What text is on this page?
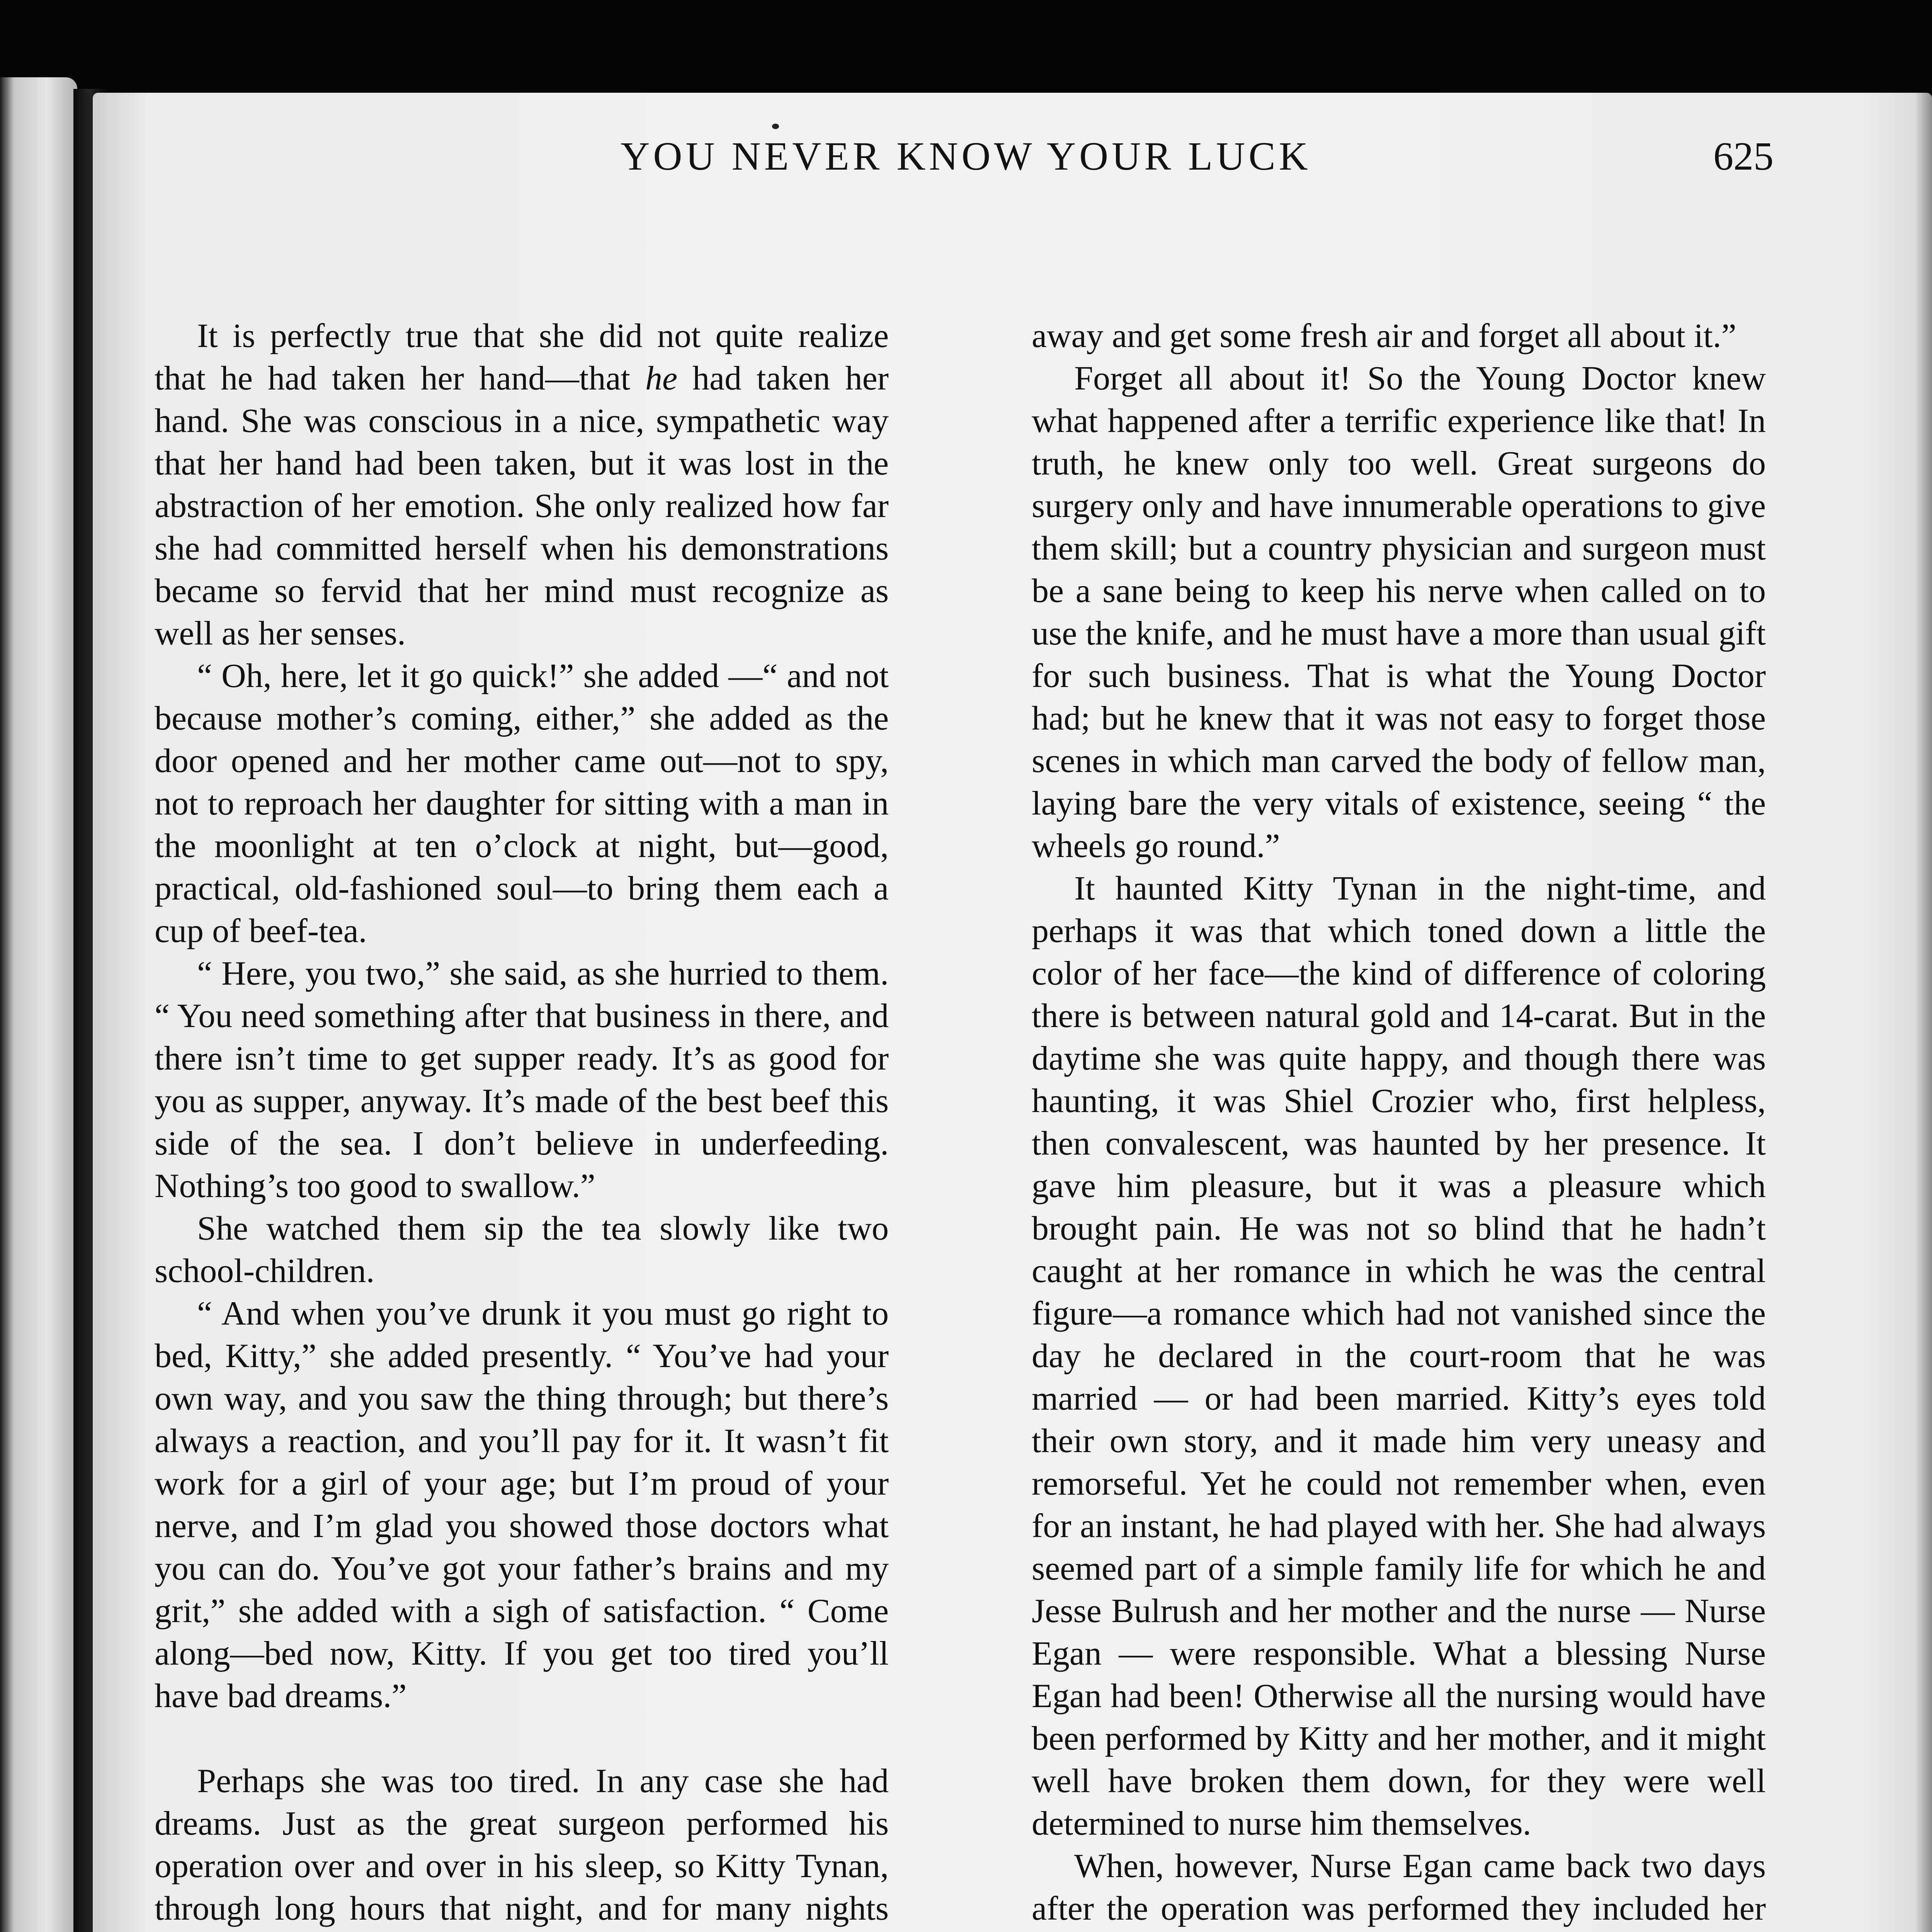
YOU NEVER KNOW YOUR LUCK	625

It is perfectly true that she did not quite realize that he had taken her hand—that he had taken her hand. She was conscious in a nice, sympathetic way that her hand had been taken, but it was lost in the abstraction of her emotion. She only realized how far she had committed herself when his demonstrations became so fervid that her mind must recognize as well as her senses.

“ Oh, here, let it go quick!” she added —“ and not because mother’s coming, either,” she added as the door opened and her mother came out—not to spy, not to reproach her daughter for sitting with a man in the moonlight at ten o’clock at night, but—good, practical, old-fashioned soul—to bring them each a cup of beef-tea.

“ Here, you two,” she said, as she hurried to them. “ You need something after that business in there, and there isn’t time to get supper ready. It’s as good for you as supper, anyway. It’s made of the best beef this side of the sea. I don’t believe in underfeeding. Nothing’s too good to swallow.”

She watched them sip the tea slowly like two school-children.

“ And when you’ve drunk it you must go right to bed, Kitty,” she added presently. “ You’ve had your own way, and you saw the thing through; but there’s always a reaction, and you’ll pay for it. It wasn’t fit work for a girl of your age; but I’m proud of your nerve, and I’m glad you showed those doctors what you can do. You’ve got your father’s brains and my grit,” she added with a sigh of satisfaction. “ Come along—bed now, Kitty. If you get too tired you’ll have bad dreams.”

Perhaps she was too tired. In any case she had dreams. Just as the great surgeon performed his operation over and over in his sleep, so Kitty Tynan, through long hours that night, and for many nights

away and get some fresh air and forget all about it.”

Forget all about it! So the Young Doctor knew what happened after a terrific experience like that! In truth, he knew only too well. Great surgeons do surgery only and have innumerable operations to give them skill; but a country physician and surgeon must be a sane being to keep his nerve when called on to use the knife, and he must have a more than usual gift for such business. That is what the Young Doctor had; but he knew that it was not easy to forget those scenes in which man carved the body of fellow man, laying bare the very vitals of existence, seeing “ the wheels go round.”

It haunted Kitty Tynan in the night-time, and perhaps it was that which toned down a little the color of her face—the kind of difference of coloring there is between natural gold and 14-carat. But in the daytime she was quite happy, and though there was haunting, it was Shiel Crozier who, first helpless, then convalescent, was haunted by her presence. It gave him pleasure, but it was a pleasure which brought pain. He was not so blind that he hadn’t caught at her romance in which he was the central figure—a romance which had not vanished since the day he declared in the court-room that he was married — or had been married. Kitty’s eyes told their own story, and it made him very uneasy and remorseful. Yet he could not remember when, even for an instant, he had played with her. She had always seemed part of a simple family life for which he and Jesse Bulrush and her mother and the nurse — Nurse Egan — were responsible. What a blessing Nurse Egan had been! Otherwise all the nursing would have been performed by Kitty and her mother, and it might well have broken them down, for they were well determined to nurse him themselves.

When, however, Nurse Egan came back two days after the operation was performed they included her
